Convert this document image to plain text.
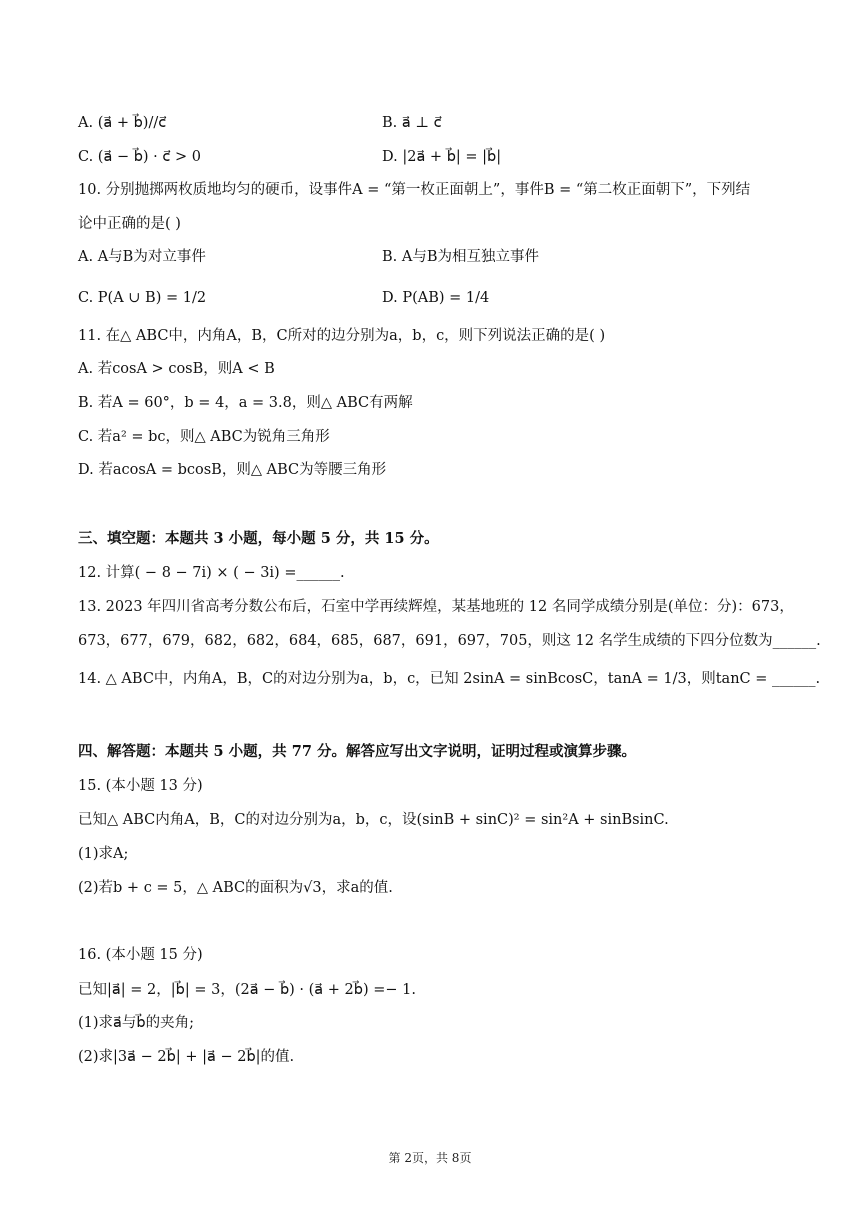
A. (a⃗ + b⃗)//c⃗	B. a⃗ ⊥ c⃗
C. (a⃗ − b⃗) · c⃗ > 0	D. |2a⃗ + b⃗| = |b⃗|
10. 分别抛掷两枚质地均匀的硬币，设事件A = “第一枚正面朝上”，事件B = “第二枚正面朝下”，下列结
论中正确的是( )
A. A与B为对立事件	B. A与B为相互独立事件
C. P(A ∪ B) = 1/2	D. P(AB) = 1/4
11. 在△ ABC中，内角A，B，C所对的边分别为a，b，c，则下列说法正确的是( )
A. 若cosA > cosB，则A < B
B. 若A = 60°，b = 4，a = 3.8，则△ ABC有两解
C. 若a² = bc，则△ ABC为锐角三角形
D. 若acosA = bcosB，则△ ABC为等腰三角形
三、填空题：本题共 3 小题，每小题 5 分，共 15 分。
12. 计算( − 8 − 7i) × ( − 3i) =______.
13. 2023 年四川省高考分数公布后，石室中学再续辉煌，某基地班的 12 名同学成绩分别是(单位：分)：673，
673，677，679，682，682，684，685，687，691，697，705，则这 12 名学生成绩的下四分位数为______.
14. △ ABC中，内角A，B，C的对边分别为a，b，c，已知 2sinA = sinBcosC，tanA = 1/3，则tanC = ______.
四、解答题：本题共 5 小题，共 77 分。解答应写出文字说明，证明过程或演算步骤。
15. (本小题 13 分)
已知△ ABC内角A，B，C的对边分别为a，b，c，设(sinB + sinC)² = sin²A + sinBsinC.
(1)求A;
(2)若b + c = 5，△ ABC的面积为√3，求a的值.
16. (本小题 15 分)
已知|a⃗| = 2，|b⃗| = 3，(2a⃗ − b⃗) · (a⃗ + 2b⃗) =− 1.
(1)求a⃗与b⃗的夹角;
(2)求|3a⃗ − 2b⃗| + |a⃗ − 2b⃗|的值.
第 2页，共 8页
